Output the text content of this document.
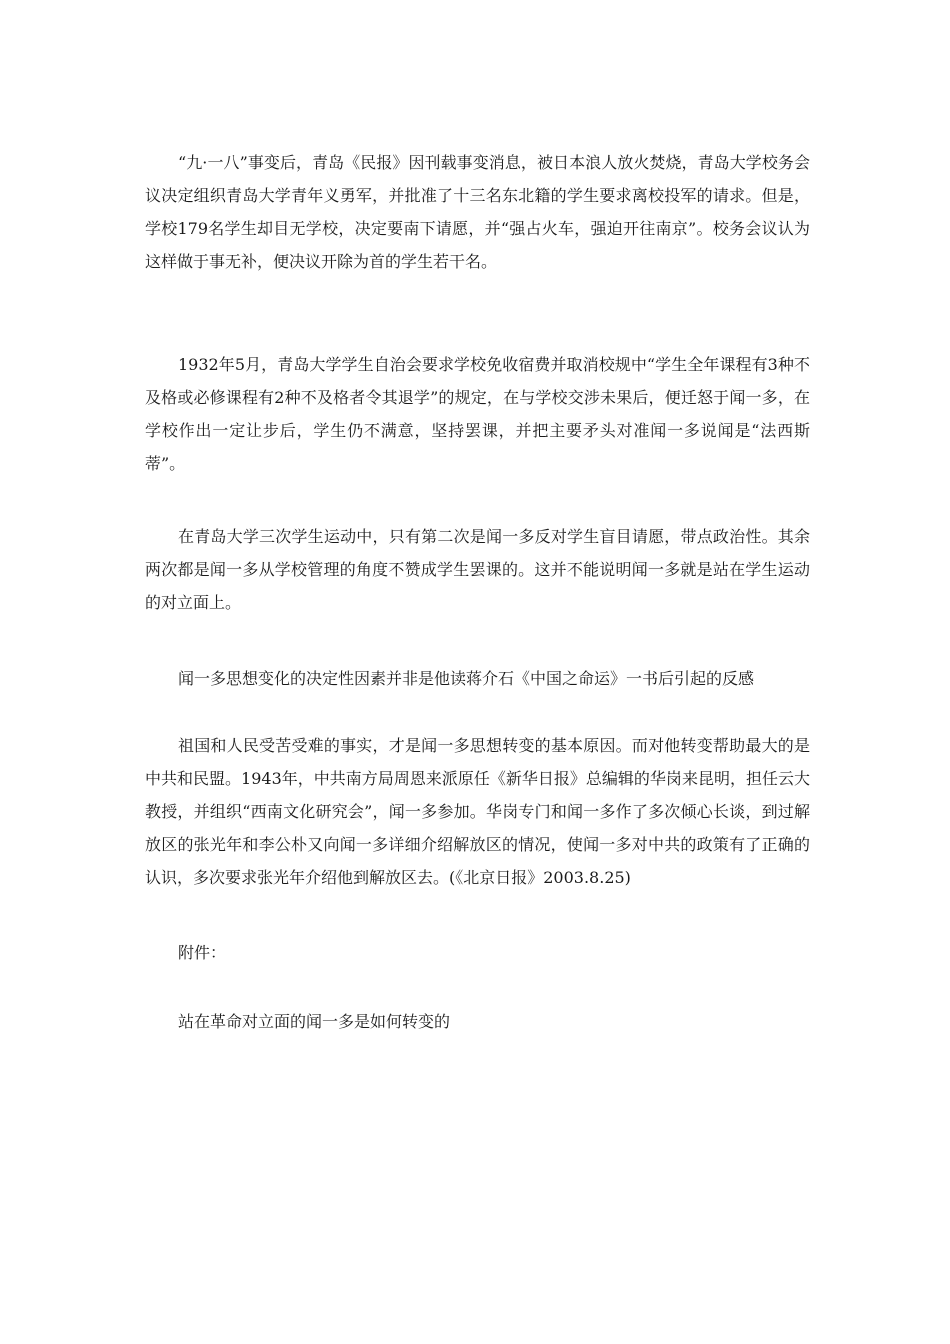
“九·一八”事变后，青岛《民报》因刊载事变消息，被日本浪人放火焚烧，青岛大学校务会议决定组织青岛大学青年义勇军，并批准了十三名东北籍的学生要求离校投军的请求。但是，学校179名学生却目无学校，决定要南下请愿，并“强占火车，强迫开往南京”。校务会议认为这样做于事无补，便决议开除为首的学生若干名。

1932年5月，青岛大学学生自治会要求学校免收宿费并取消校规中“学生全年课程有3种不及格或必修课程有2种不及格者令其退学”的规定，在与学校交涉未果后，便迁怒于闻一多，在学校作出一定让步后，学生仍不满意，坚持罢课，并把主要矛头对准闻一多说闻是“法西斯蒂”。

在青岛大学三次学生运动中，只有第二次是闻一多反对学生盲目请愿，带点政治性。其余两次都是闻一多从学校管理的角度不赞成学生罢课的。这并不能说明闻一多就是站在学生运动的对立面上。

闻一多思想变化的决定性因素并非是他读蒋介石《中国之命运》一书后引起的反感

祖国和人民受苦受难的事实，才是闻一多思想转变的基本原因。而对他转变帮助最大的是中共和民盟。1943年，中共南方局周恩来派原任《新华日报》总编辑的华岗来昆明，担任云大教授，并组织“西南文化研究会”，闻一多参加。华岗专门和闻一多作了多次倾心长谈，到过解放区的张光年和李公朴又向闻一多详细介绍解放区的情况，使闻一多对中共的政策有了正确的认识，多次要求张光年介绍他到解放区去。(《北京日报》2003.8.25)

附件：

站在革命对立面的闻一多是如何转变的
